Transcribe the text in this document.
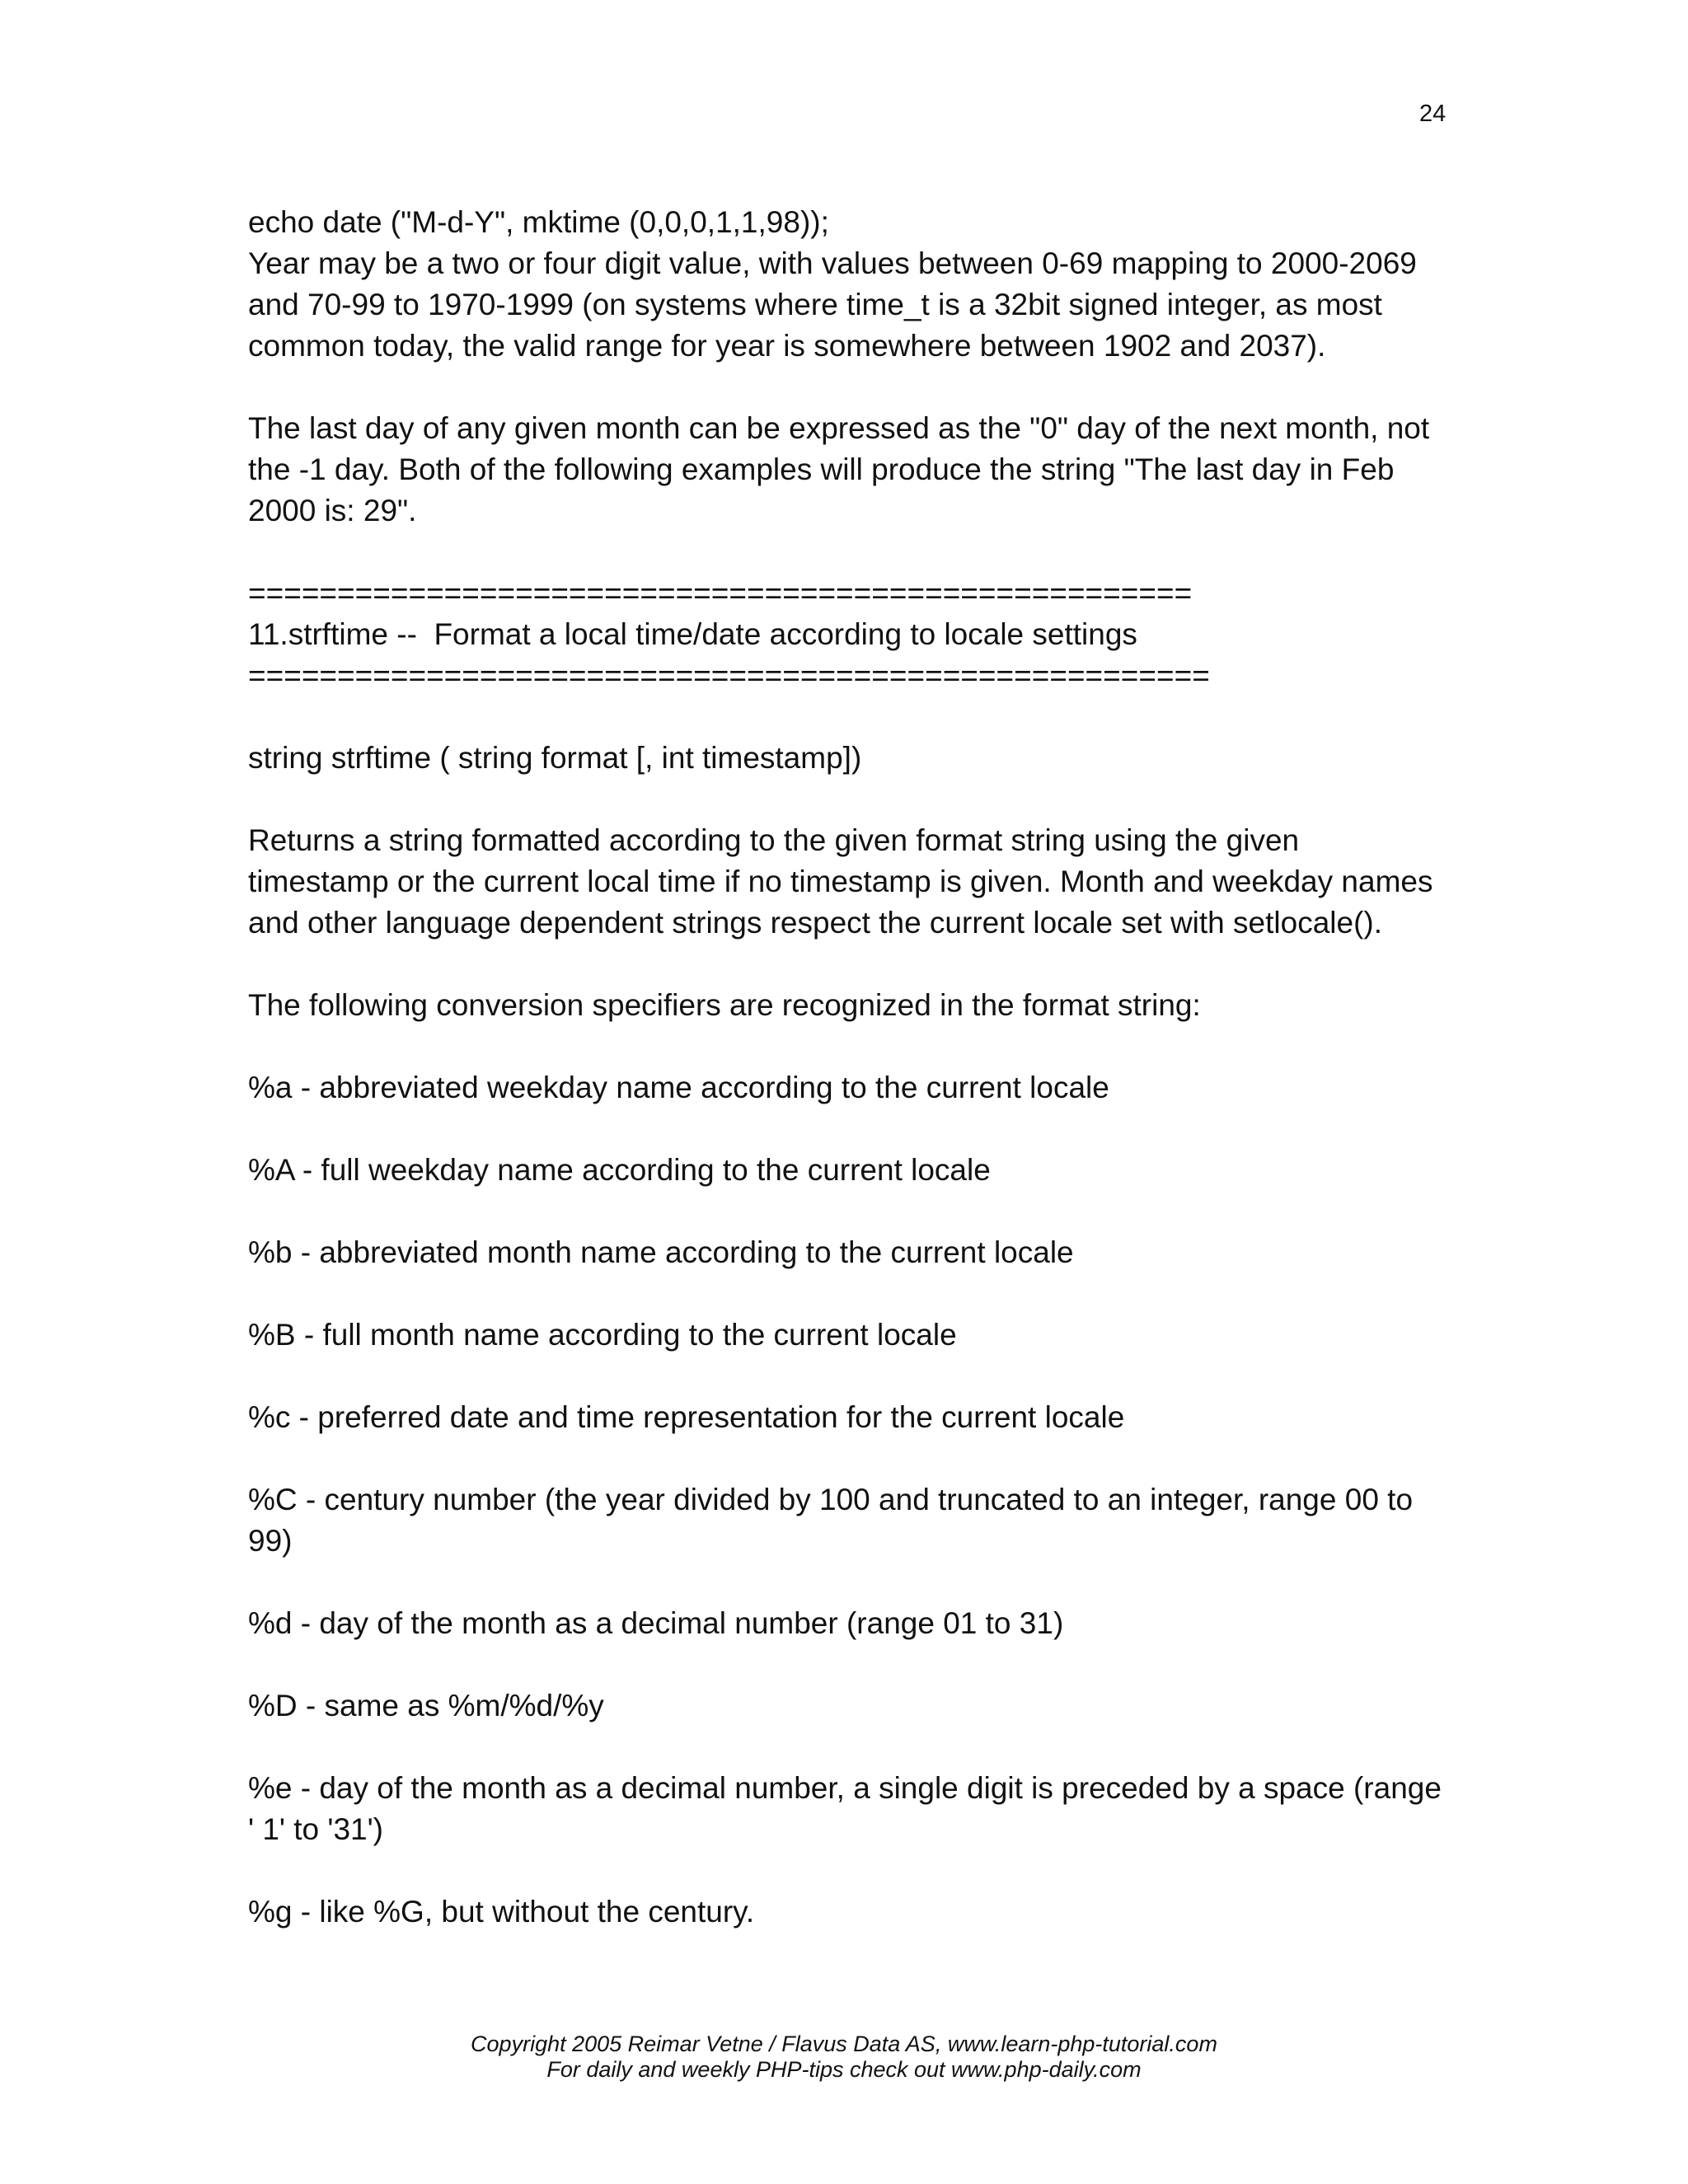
24
echo date ("M-d-Y", mktime (0,0,0,1,1,98));
Year may be a two or four digit value, with values between 0-69 mapping to 2000-2069
and 70-99 to 1970-1999 (on systems where time_t is a 32bit signed integer, as most
common today, the valid range for year is somewhere between 1902 and 2037).
The last day of any given month can be expressed as the "0" day of the next month, not
the -1 day. Both of the following examples will produce the string "The last day in Feb
2000 is: 29".
=====================================================
11.strftime --  Format a local time/date according to locale settings
======================================================
string strftime ( string format [, int timestamp])
Returns a string formatted according to the given format string using the given
timestamp or the current local time if no timestamp is given. Month and weekday names
and other language dependent strings respect the current locale set with setlocale().
The following conversion specifiers are recognized in the format string:
%a - abbreviated weekday name according to the current locale
%A - full weekday name according to the current locale
%b - abbreviated month name according to the current locale
%B - full month name according to the current locale
%c - preferred date and time representation for the current locale
%C - century number (the year divided by 100 and truncated to an integer, range 00 to
99)
%d - day of the month as a decimal number (range 01 to 31)
%D - same as %m/%d/%y
%e - day of the month as a decimal number, a single digit is preceded by a space (range
' 1' to '31')
%g - like %G, but without the century.
Copyright 2005 Reimar Vetne / Flavus Data AS, www.learn-php-tutorial.com
For daily and weekly PHP-tips check out www.php-daily.com
